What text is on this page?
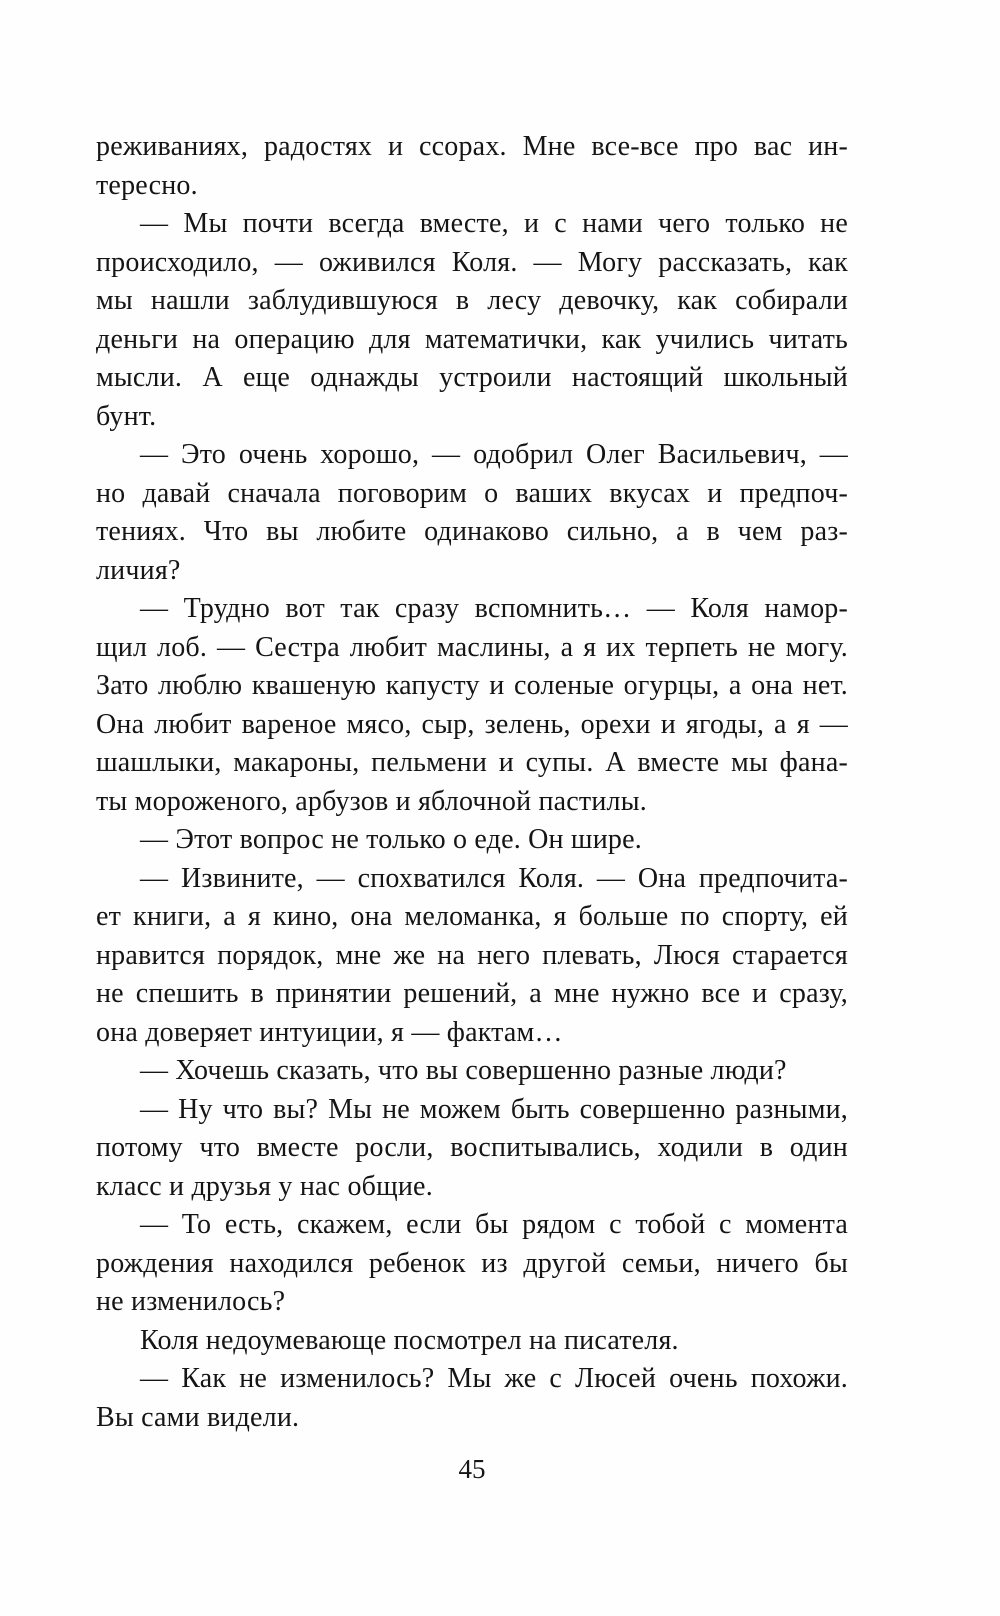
реживаниях, радостях и ссорах. Мне все-все про вас ин-
тересно.
— Мы почти всегда вместе, и с нами чего только не
происходило, — оживился Коля. — Могу рассказать, как
мы нашли заблудившуюся в лесу девочку, как собирали
деньги на операцию для математички, как учились читать
мысли. А еще однажды устроили настоящий школьный
бунт.
— Это очень хорошо, — одобрил Олег Васильевич, —
но давай сначала поговорим о ваших вкусах и предпоч-
тениях. Что вы любите одинаково сильно, а в чем раз-
личия?
— Трудно вот так сразу вспомнить… — Коля намор-
щил лоб. — Сестра любит маслины, а я их терпеть не могу.
Зато люблю квашеную капусту и соленые огурцы, а она нет.
Она любит вареное мясо, сыр, зелень, орехи и ягоды, а я —
шашлыки, макароны, пельмени и супы. А вместе мы фана-
ты мороженого, арбузов и яблочной пастилы.
— Этот вопрос не только о еде. Он шире.
— Извините, — спохватился Коля. — Она предпочита-
ет книги, а я кино, она меломанка, я больше по спорту, ей
нравится порядок, мне же на него плевать, Люся старается
не спешить в принятии решений, а мне нужно все и сразу,
она доверяет интуиции, я — фактам…
— Хочешь сказать, что вы совершенно разные люди?
— Ну что вы? Мы не можем быть совершенно разными,
потому что вместе росли, воспитывались, ходили в один
класс и друзья у нас общие.
— То есть, скажем, если бы рядом с тобой с момента
рождения находился ребенок из другой семьи, ничего бы
не изменилось?
Коля недоумевающе посмотрел на писателя.
— Как не изменилось? Мы же с Люсей очень похожи.
Вы сами видели.
45
